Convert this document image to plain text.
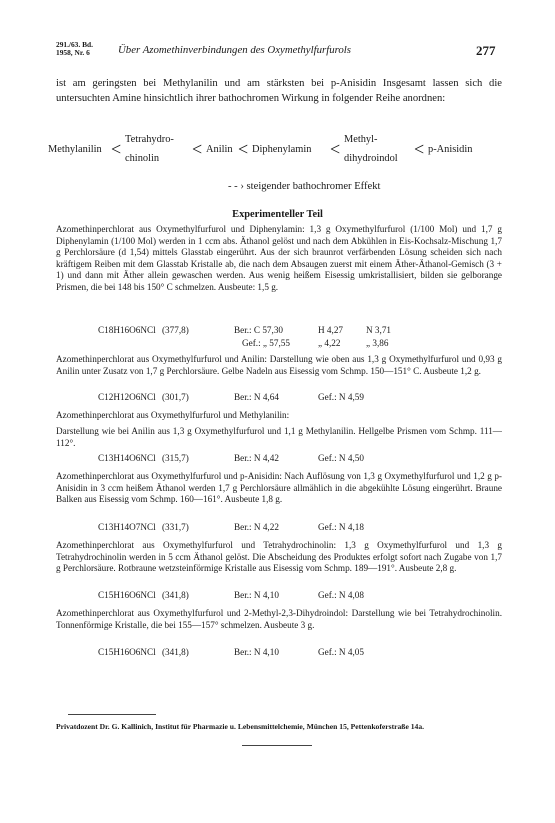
291./63. Bd.
1958, Nr. 6	Über Azomethinverbindungen des Oxymethylfurfurols	277
ist am geringsten bei Methylanilin und am stärksten bei p-Anisidin Insgesamt lassen sich die untersuchten Amine hinsichtlich ihrer bathochromen Wirkung in folgender Reihe anordnen:
Methylanilin < Tetrahydro-
chinolin < Anilin < Diphenylamin < Methyl-
dihydroindol < p-Anisidin
- - › steigender bathochromer Effekt
Experimenteller Teil
Azomethinperchlorat aus Oxymethylfurfurol und Diphenylamin: 1,3 g Oxymethylfurfurol (1/100 Mol) und 1,7 g Diphenylamin (1/100 Mol) werden in 1 ccm abs. Äthanol gelöst und nach dem Abkühlen in Eis-Kochsalz-Mischung 1,7 g Perchlorsäure (d 1,54) mittels Glasstab eingerührt. Aus der sich braunrot verfärbenden Lösung scheiden sich nach kräftigem Reiben mit dem Glasstab Kristalle ab, die nach dem Absaugen zuerst mit einem Äther-Äthanol-Gemisch (3 + 1) und dann mit Äther allein gewaschen werden. Aus wenig heißem Eisessig umkristallisiert, bilden sie gelborange Prismen, die bei 148 bis 150° C schmelzen. Ausbeute: 1,5 g.
C18H16O6NCl (377,8)	Ber.: C 57,30	H 4,27 N 3,71
Gef.: „ 57,55	„ 4,22	„ 3,86
Azomethinperchlorat aus Oxymethylfurfurol und Anilin: Darstellung wie oben aus 1,3 g Oxymethylfurfurol und 0,93 g Anilin unter Zusatz von 1,7 g Perchlorsäure. Gelbe Nadeln aus Eisessig vom Schmp. 150—151° C. Ausbeute 1,2 g.
C12H12O6NCl (301,7)	Ber.: N 4,64	Gef.: N 4,59
Azomethinperchlorat aus Oxymethylfurfurol und Methylanilin:
Darstellung wie bei Anilin aus 1,3 g Oxymethylfurfurol und 1,1 g Methylanilin. Hellgelbe Prismen vom Schmp. 111—112°.
C13H14O6NCl (315,7)	Ber.: N 4,42	Gef.: N 4,50
Azomethinperchlorat aus Oxymethylfurfurol und p-Anisidin: Nach Auflösung von 1,3 g Oxymethylfurfurol und 1,2 g p-Anisidin in 3 ccm heißem Äthanol werden 1,7 g Perchlorsäure allmählich in die abgekühlte Lösung eingerührt. Braune Balken aus Eisessig vom Schmp. 160—161°. Ausbeute 1,8 g.
C13H14O7NCl (331,7)	Ber.: N 4,22	Gef.: N 4,18
Azomethinperchlorat aus Oxymethylfurfurol und Tetrahydrochinolin: 1,3 g Oxymethylfurfurol und 1,3 g Tetrahydrochinolin werden in 5 ccm Äthanol gelöst. Die Abscheidung des Produktes erfolgt sofort nach Zugabe von 1,7 g Perchlorsäure. Rotbraune wetzsteinförmige Kristalle aus Eisessig vom Schmp. 189—191°. Ausbeute 2,8 g.
C15H16O6NCl (341,8)	Ber.: N 4,10	Gef.: N 4,08
Azomethinperchlorat aus Oxymethylfurfurol und 2-Methyl-2,3-Dihydroindol: Darstellung wie bei Tetrahydrochinolin. Tonnenförmige Kristalle, die bei 155—157° schmelzen. Ausbeute 3 g.
C15H16O6NCl (341,8)	Ber.: N 4,10	Gef.: N 4,05
Privatdozent Dr. G. Kallinich, Institut für Pharmazie u. Lebensmittelchemie, München 15, Pettenkoferstraße 14a.
